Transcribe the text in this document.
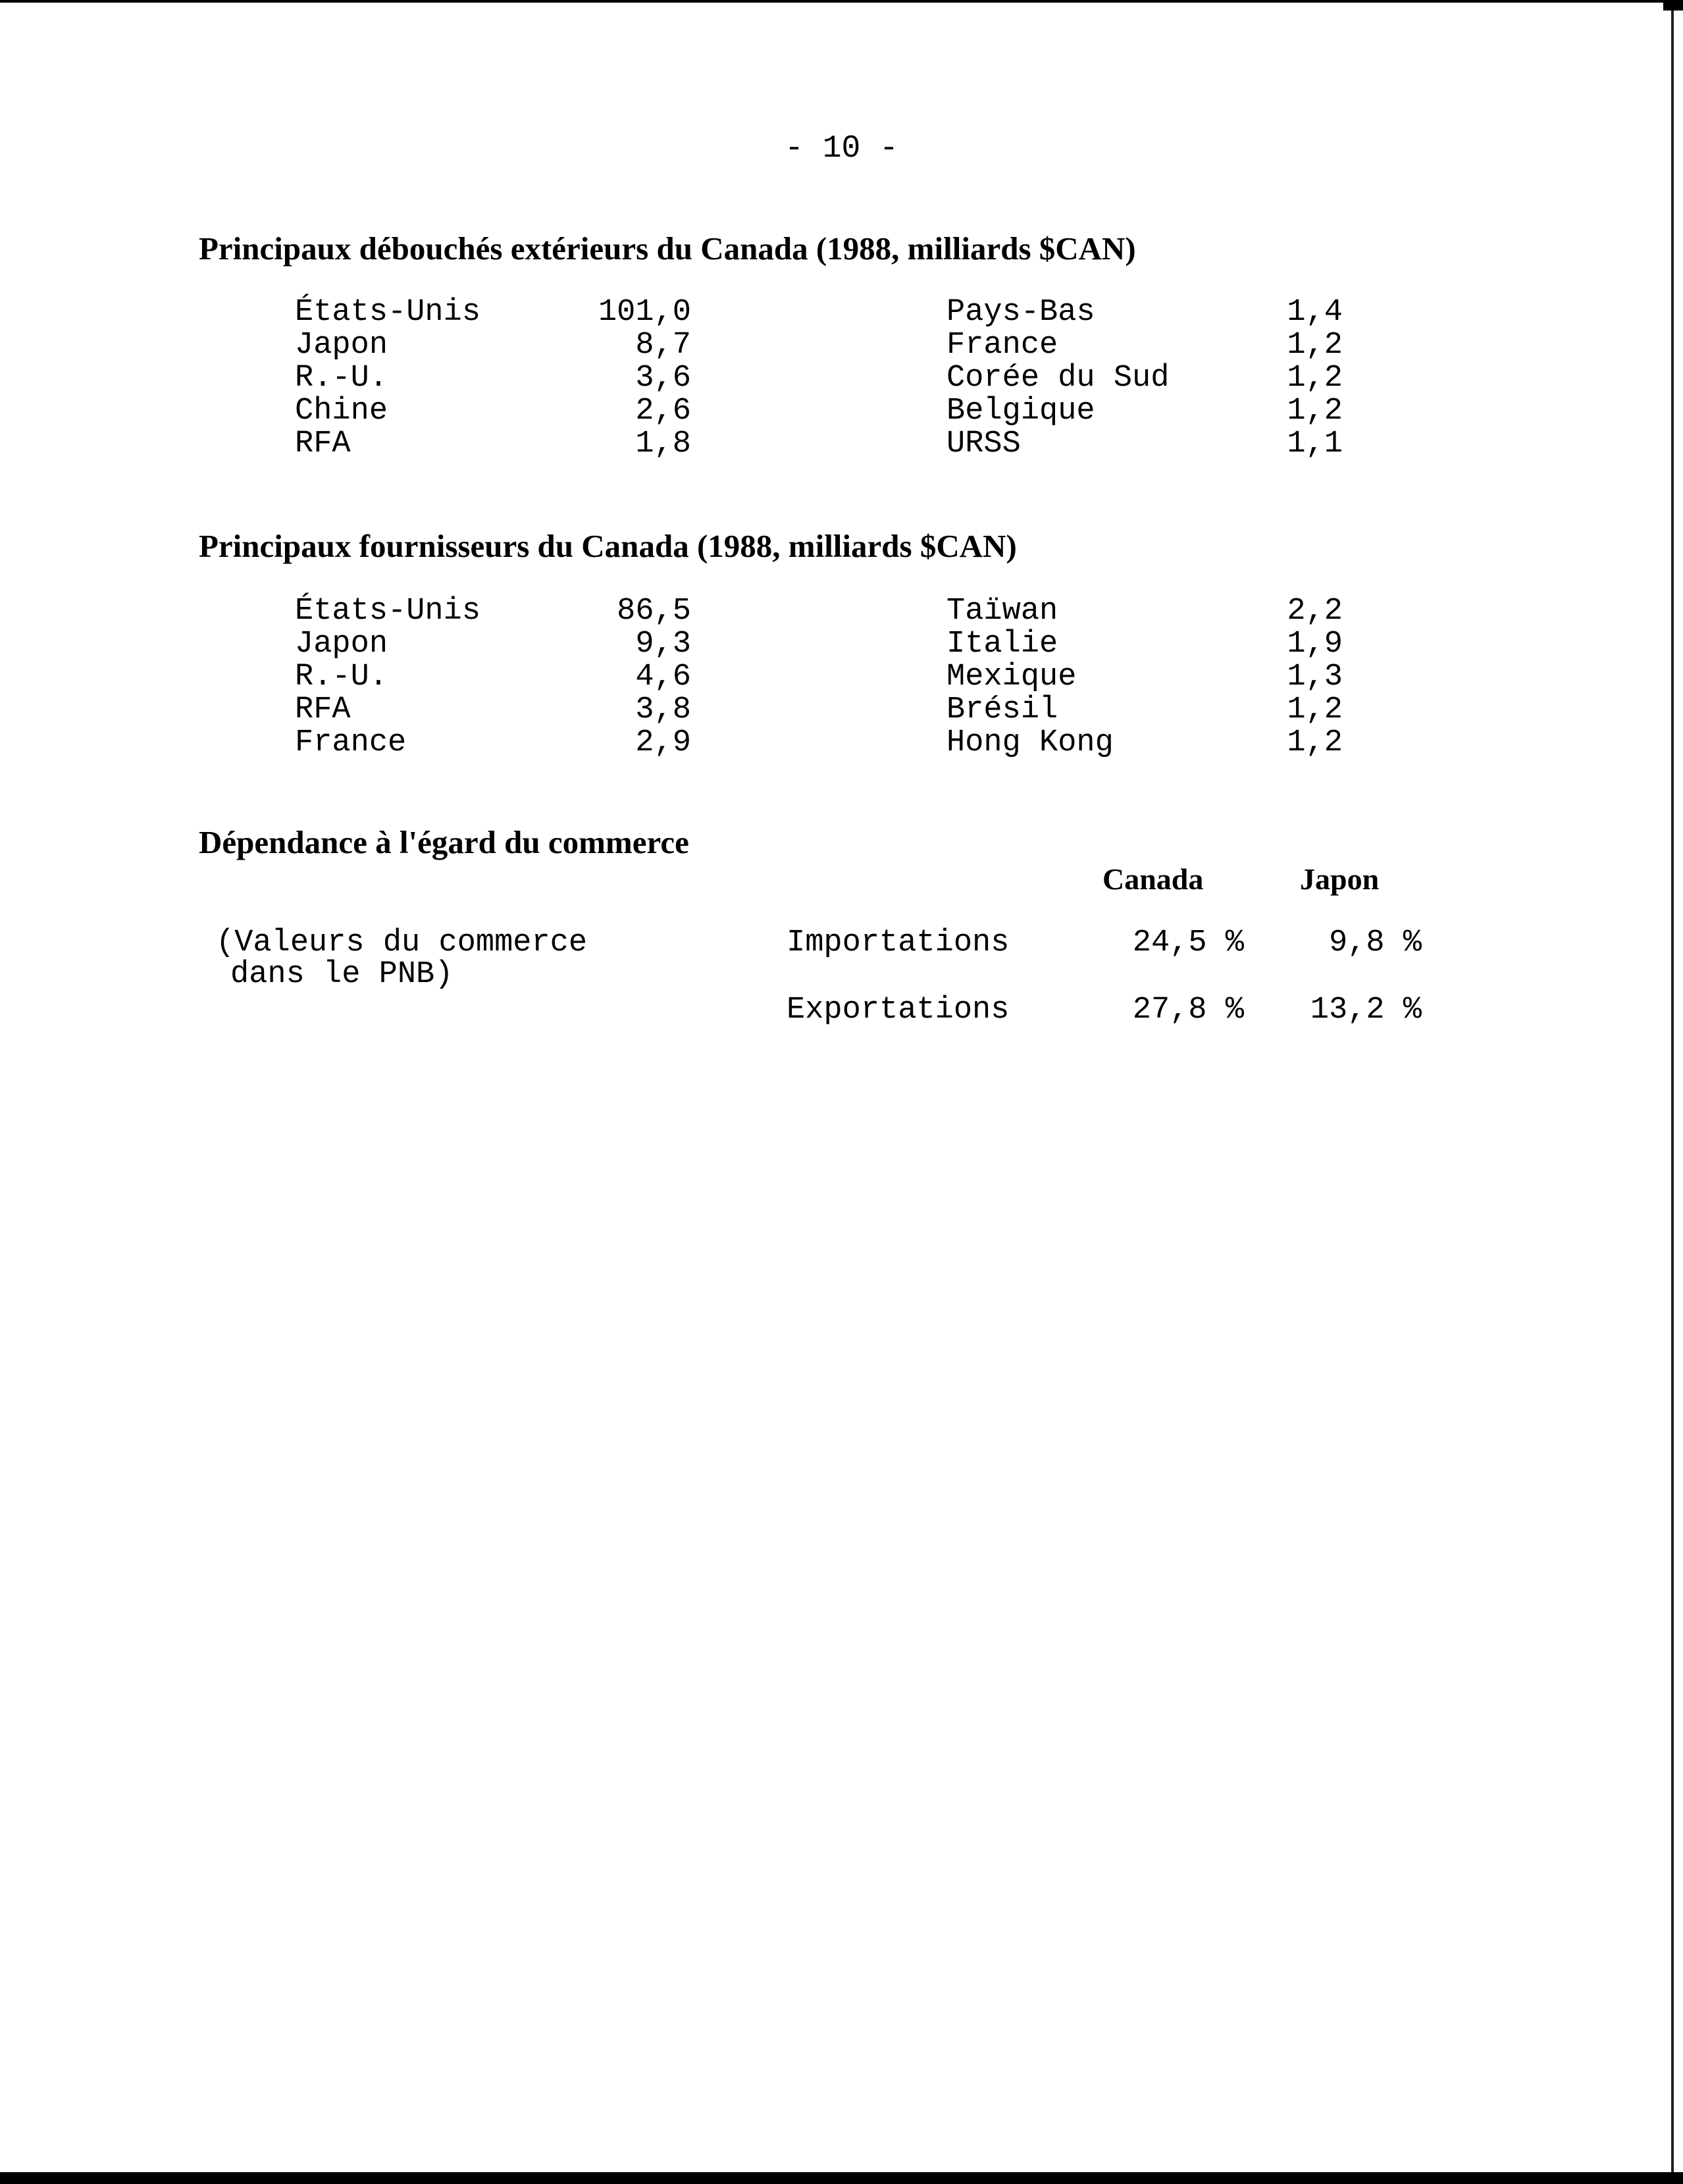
- 10 -
Principaux débouchés extérieurs du Canada (1988, milliards $CAN)
États-Unis	101,0	Pays-Bas	1,4
Japon	8,7	France	1,2
R.-U.	3,6	Corée du Sud	1,2
Chine	2,6	Belgique	1,2
RFA	1,8	URSS	1,1
Principaux fournisseurs du Canada (1988, milliards $CAN)
États-Unis	86,5	Taïwan	2,2
Japon	9,3	Italie	1,9
R.-U.	4,6	Mexique	1,3
RFA	3,8	Brésil	1,2
France	2,9	Hong Kong	1,2
Dépendance à l'égard du commerce
Canada	Japon
(Valeurs du commerce
dans le PNB)
Importations	24,5 %	9,8 %
Exportations	27,8 %	13,2 %
